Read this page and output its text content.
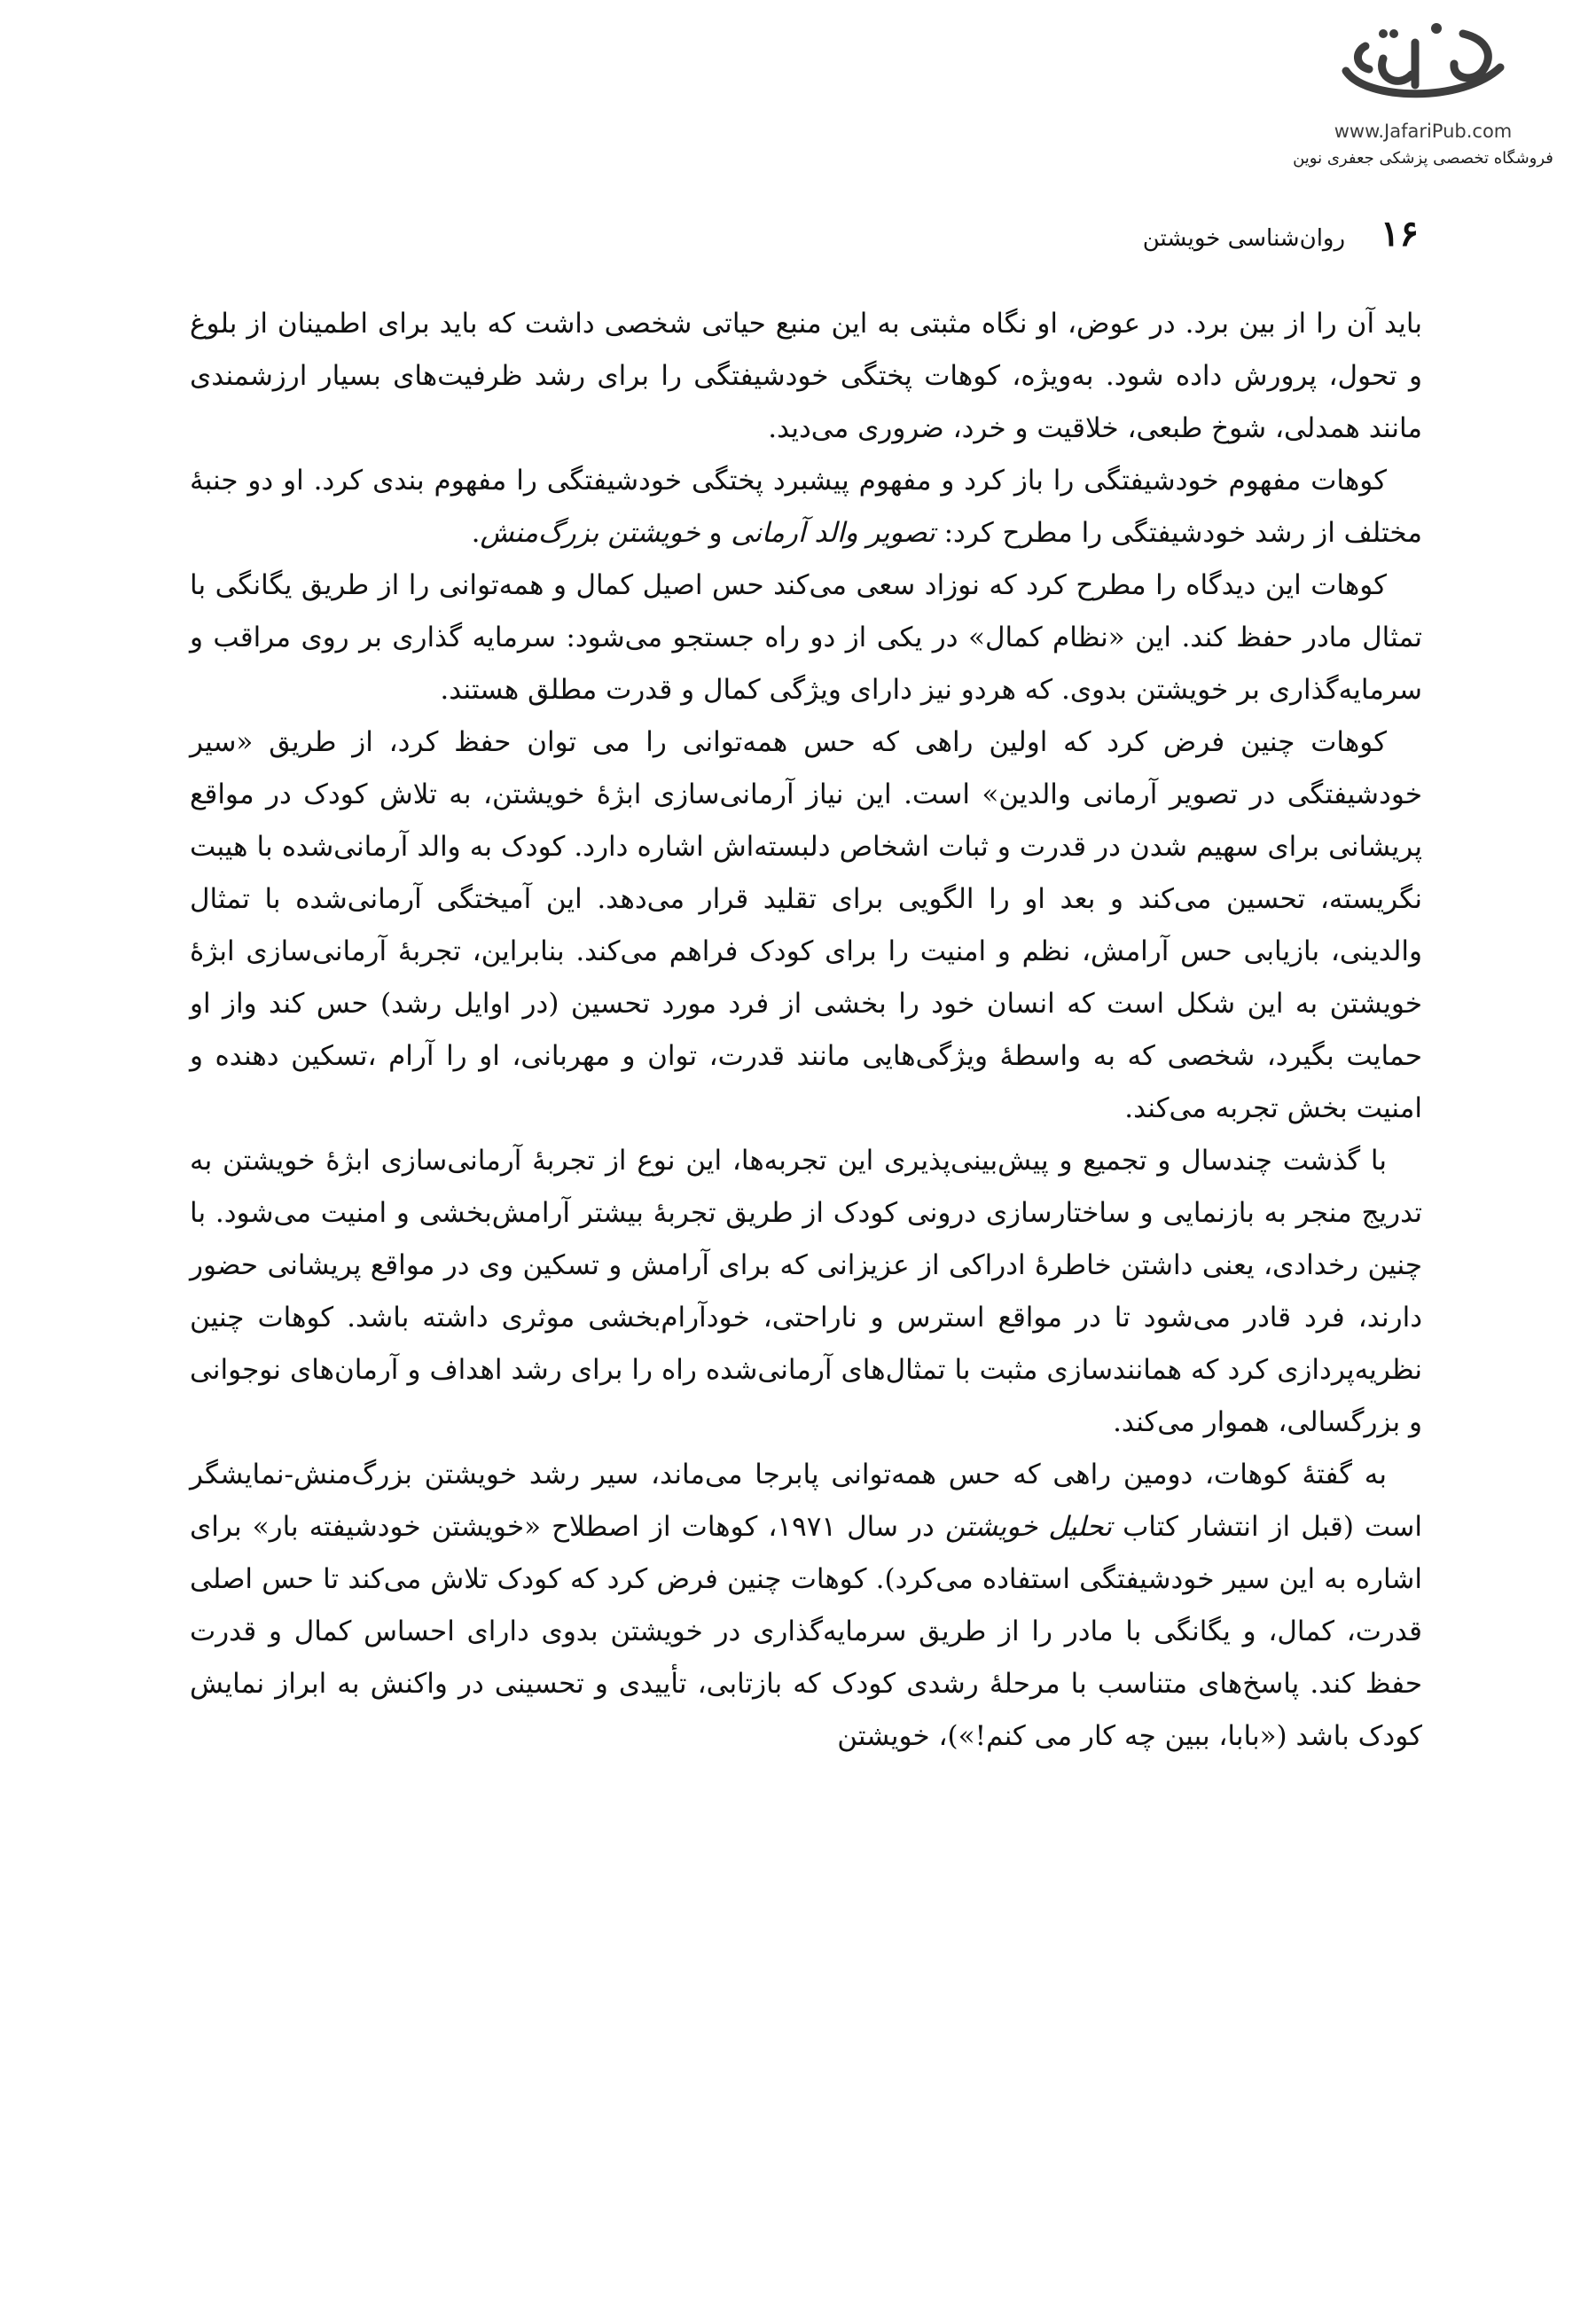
www.JafariPub.com
فروشگاه تخصصی پزشکی جعفری نوین
۱۶
روان‌شناسی خویشتن

باید آن را از بین برد. در عوض، او نگاه مثبتی به این منبع حیاتی شخصی داشت که باید برای اطمینان از بلوغ و تحول، پرورش داده شود. به‌ویژه، کوهات پختگی خودشیفتگی را برای رشد ظرفیت‌های بسیار ارزشمندی مانند همدلی، شوخ طبعی، خلاقیت و خرد، ضروری می‌دید.

کوهات مفهوم خودشیفتگی را باز کرد و مفهوم پیشبرد پختگی خودشیفتگی را مفهوم بندی کرد. او دو جنبهٔ مختلف از رشد خودشیفتگی را مطرح کرد: تصویر والد آرمانی و خویشتن بزرگ‌منش.

کوهات این دیدگاه را مطرح کرد که نوزاد سعی می‌کند حس اصیل کمال و همه‌توانی را از طریق یگانگی با تمثال مادر حفظ کند. این «نظام کمال» در یکی از دو راه جستجو می‌شود: سرمایه گذاری بر روی مراقب و سرمایه‌گذاری بر خویشتن بدوی. که هردو نیز دارای ویژگی کمال و قدرت مطلق هستند.

کوهات چنین فرض کرد که اولین راهی که حس همه‌توانی را می توان حفظ کرد، از طریق «سیر خودشیفتگی در تصویر آرمانی والدین» است. این نیاز آرمانی‌سازی ابژهٔ خویشتن، به تلاش کودک در مواقع پریشانی برای سهیم شدن در قدرت و ثبات اشخاص دلبسته‌اش اشاره دارد. کودک به والد آرمانی‌شده با هیبت نگریسته، تحسین می‌کند و بعد او را الگویی برای تقلید قرار می‌دهد. این آمیختگی آرمانی‌شده با تمثال والدینی، بازیابی حس آرامش، نظم و امنیت را برای کودک فراهم می‌کند. بنابراین، تجربهٔ آرمانی‌سازی ابژهٔ خویشتن به این شکل است که انسان خود را بخشی از فرد مورد تحسین (در اوایل رشد) حس کند واز او حمایت بگیرد، شخصی که به واسطهٔ ویژگی‌هایی مانند قدرت، توان و مهربانی، او را آرام ،تسکین دهنده و امنیت بخش تجربه می‌کند.

با گذشت چندسال و تجمیع و پیش‌بینی‌پذیری این تجربه‌ها، این نوع از تجربهٔ آرمانی‌سازی ابژهٔ خویشتن به تدریج منجر به بازنمایی و ساختارسازی درونی کودک از طریق تجربهٔ بیشتر آرامش‌بخشی و امنیت می‌شود. با چنین رخدادی، یعنی داشتن خاطرهٔ ادراکی از عزیزانی که برای آرامش و تسکین وی در مواقع پریشانی حضور دارند، فرد قادر می‌شود تا در مواقع استرس و ناراحتی، خودآرام‌بخشی موثری داشته باشد. کوهات چنین نظریه‌پردازی کرد که همانندسازی مثبت با تمثال‌های آرمانی‌شده راه را برای رشد اهداف و آرمان‌های نوجوانی و بزرگسالی، هموار می‌کند.

به گفتهٔ کوهات، دومین راهی که حس همه‌توانی پابرجا می‌ماند، سیر رشد خویشتن بزرگ‌منش-نمایشگر است (قبل از انتشار کتاب تحلیل خویشتن در سال ۱۹۷۱، کوهات از اصطلاح «خویشتن خودشیفته بار» برای اشاره به این سیر خودشیفتگی استفاده می‌کرد). کوهات چنین فرض کرد که کودک تلاش می‌کند تا حس اصلی قدرت، کمال، و یگانگی با مادر را از طریق سرمایه‌گذاری در خویشتن بدوی دارای احساس کمال و قدرت حفظ کند. پاسخ‌های متناسب با مرحلهٔ رشدی کودک که بازتابی، تأییدی و تحسینی در واکنش به ابراز نمایش کودک باشد («بابا، ببین چه کار می کنم!»)، خویشتن
